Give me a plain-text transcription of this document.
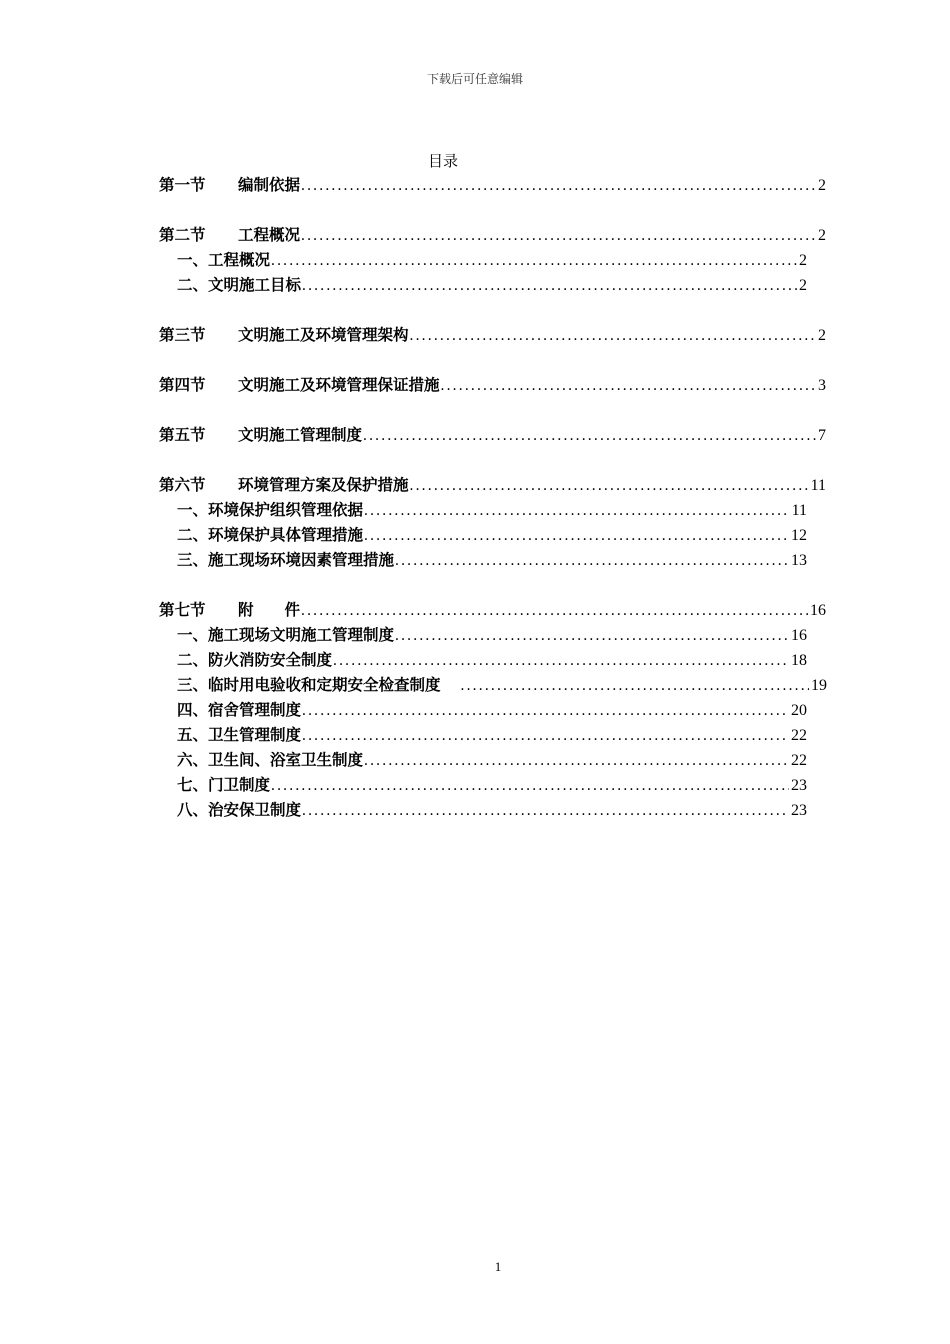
下载后可任意编辑
目录
第一节	编制依据 .....	2
第二节	工程概况 .....	2
一、工程概况 .....	2
二、文明施工目标 .....	2
第三节	文明施工及环境管理架构 .....	2
第四节	文明施工及环境管理保证措施 .....	3
第五节	文明施工管理制度 .....	7
第六节	环境管理方案及保护措施 .....	11
一、环境保护组织管理依据 .....	11
二、环境保护具体管理措施 .....	12
三、施工现场环境因素管理措施 .....	13
第七节	附　　件 .....	16
一、施工现场文明施工管理制度 .....	16
二、防火消防安全制度 .....	18
三、临时用电验收和定期安全检查制度 .....	19
四、宿舍管理制度 .....	20
五、卫生管理制度 .....	22
六、卫生间、浴室卫生制度 .....	22
七、门卫制度 .....	23
八、治安保卫制度 .....	23
1
